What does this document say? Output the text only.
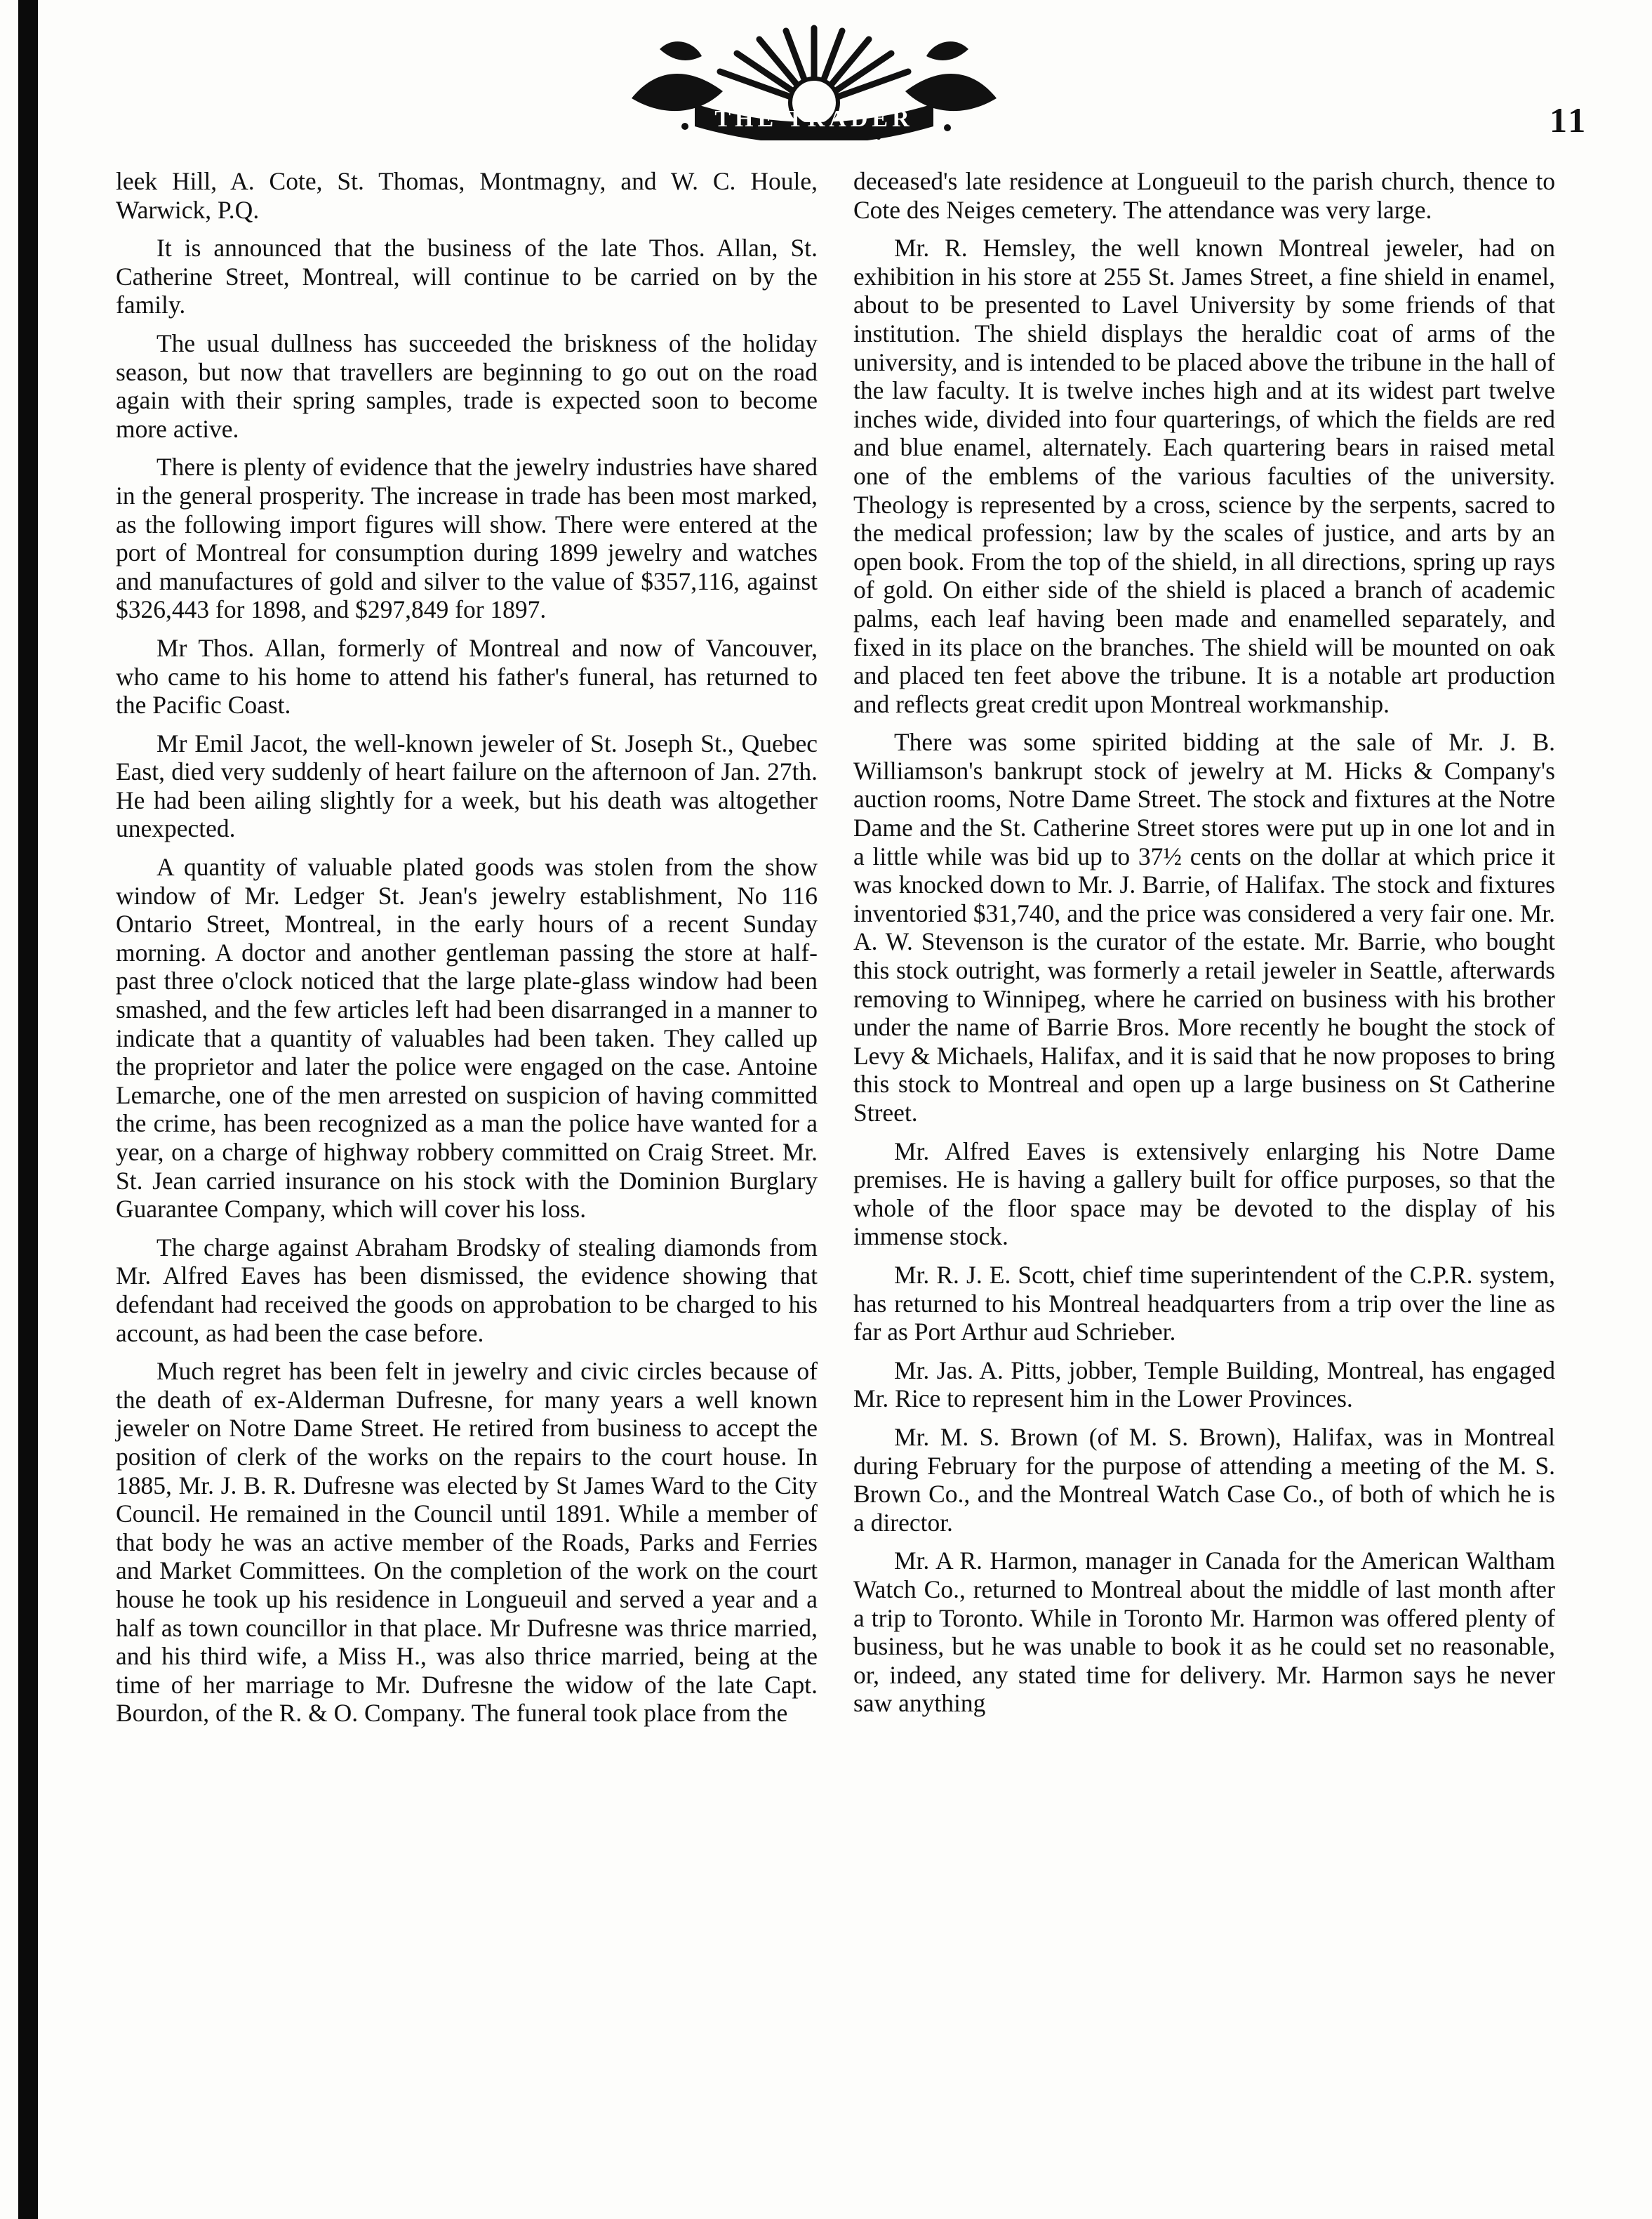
THE TRADER	11

leek Hill, A. Cote, St. Thomas, Montmagny, and W. C. Houle, Warwick, P.Q.

It is announced that the business of the late Thos. Allan, St. Catherine Street, Montreal, will continue to be carried on by the family.

The usual dullness has succeeded the briskness of the holiday season, but now that travellers are beginning to go out on the road again with their spring samples, trade is expected soon to become more active.

There is plenty of evidence that the jewelry industries have shared in the general prosperity. The increase in trade has been most marked, as the following import figures will show. There were entered at the port of Montreal for consumption during 1899 jewelry and watches and manufactures of gold and silver to the value of $357,116, against $326,443 for 1898, and $297,849 for 1897.

Mr Thos. Allan, formerly of Montreal and now of Vancouver, who came to his home to attend his father's funeral, has returned to the Pacific Coast.

Mr Emil Jacot, the well-known jeweler of St. Joseph St., Quebec East, died very suddenly of heart failure on the afternoon of Jan. 27th. He had been ailing slightly for a week, but his death was altogether unexpected.

A quantity of valuable plated goods was stolen from the show window of Mr. Ledger St. Jean's jewelry establishment, No 116 Ontario Street, Montreal, in the early hours of a recent Sunday morning. A doctor and another gentleman passing the store at half-past three o'clock noticed that the large plate-glass window had been smashed, and the few articles left had been disarranged in a manner to indicate that a quantity of valuables had been taken. They called up the proprietor and later the police were engaged on the case. Antoine Lemarche, one of the men arrested on suspicion of having committed the crime, has been recognized as a man the police have wanted for a year, on a charge of highway robbery committed on Craig Street. Mr. St. Jean carried insurance on his stock with the Dominion Burglary Guarantee Company, which will cover his loss.

The charge against Abraham Brodsky of stealing diamonds from Mr. Alfred Eaves has been dismissed, the evidence showing that defendant had received the goods on approbation to be charged to his account, as had been the case before.

Much regret has been felt in jewelry and civic circles because of the death of ex-Alderman Dufresne, for many years a well known jeweler on Notre Dame Street. He retired from business to accept the position of clerk of the works on the repairs to the court house. In 1885, Mr. J. B. R. Dufresne was elected by St James Ward to the City Council. He remained in the Council until 1891. While a member of that body he was an active member of the Roads, Parks and Ferries and Market Committees. On the completion of the work on the court house he took up his residence in Longueuil and served a year and a half as town councillor in that place. Mr Dufresne was thrice married, and his third wife, a Miss H., was also thrice married, being at the time of her marriage to Mr. Dufresne the widow of the late Capt. Bourdon, of the R. & O. Company. The funeral took place from the

deceased's late residence at Longueuil to the parish church, thence to Cote des Neiges cemetery. The attendance was very large.

Mr. R. Hemsley, the well known Montreal jeweler, had on exhibition in his store at 255 St. James Street, a fine shield in enamel, about to be presented to Lavel University by some friends of that institution. The shield displays the heraldic coat of arms of the university, and is intended to be placed above the tribune in the hall of the law faculty. It is twelve inches high and at its widest part twelve inches wide, divided into four quarterings, of which the fields are red and blue enamel, alternately. Each quartering bears in raised metal one of the emblems of the various faculties of the university. Theology is represented by a cross, science by the serpents, sacred to the medical profession; law by the scales of justice, and arts by an open book. From the top of the shield, in all directions, spring up rays of gold. On either side of the shield is placed a branch of academic palms, each leaf having been made and enamelled separately, and fixed in its place on the branches. The shield will be mounted on oak and placed ten feet above the tribune. It is a notable art production and reflects great credit upon Montreal workmanship.

There was some spirited bidding at the sale of Mr. J. B. Williamson's bankrupt stock of jewelry at M. Hicks & Company's auction rooms, Notre Dame Street. The stock and fixtures at the Notre Dame and the St. Catherine Street stores were put up in one lot and in a little while was bid up to 37½ cents on the dollar at which price it was knocked down to Mr. J. Barrie, of Halifax. The stock and fixtures inventoried $31,740, and the price was considered a very fair one. Mr. A. W. Stevenson is the curator of the estate. Mr. Barrie, who bought this stock outright, was formerly a retail jeweler in Seattle, afterwards removing to Winnipeg, where he carried on business with his brother under the name of Barrie Bros. More recently he bought the stock of Levy & Michaels, Halifax, and it is said that he now proposes to bring this stock to Montreal and open up a large business on St Catherine Street.

Mr. Alfred Eaves is extensively enlarging his Notre Dame premises. He is having a gallery built for office purposes, so that the whole of the floor space may be devoted to the display of his immense stock.

Mr. R. J. E. Scott, chief time superintendent of the C.P.R. system, has returned to his Montreal headquarters from a trip over the line as far as Port Arthur aud Schrieber.

Mr. Jas. A. Pitts, jobber, Temple Building, Montreal, has engaged Mr. Rice to represent him in the Lower Provinces.

Mr. M. S. Brown (of M. S. Brown), Halifax, was in Montreal during February for the purpose of attending a meeting of the M. S. Brown Co., and the Montreal Watch Case Co., of both of which he is a director.

Mr. A R. Harmon, manager in Canada for the American Waltham Watch Co., returned to Montreal about the middle of last month after a trip to Toronto. While in Toronto Mr. Harmon was offered plenty of business, but he was unable to book it as he could set no reasonable, or, indeed, any stated time for delivery. Mr. Harmon says he never saw anything
